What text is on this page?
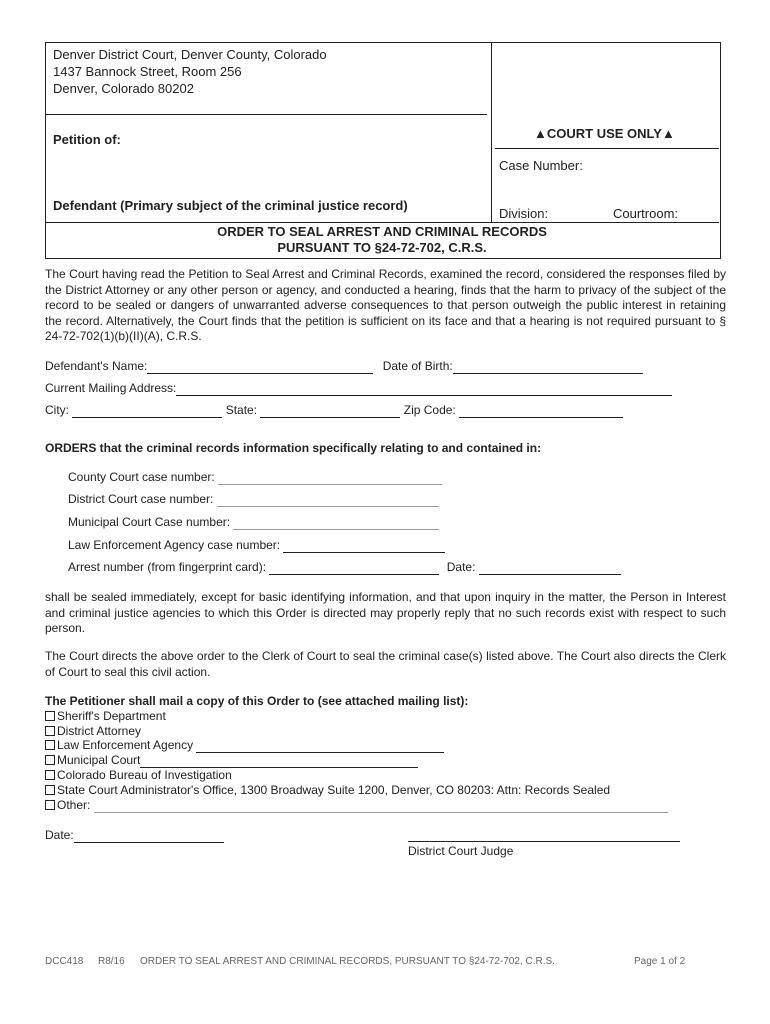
Denver District Court, Denver County, Colorado
1437 Bannock Street, Room 256
Denver, Colorado 80202
Petition of:
Defendant (Primary subject of the criminal justice record)
▲COURT USE ONLY▲
Case Number:
Division:	Courtroom:
ORDER TO SEAL ARREST AND CRIMINAL RECORDS
PURSUANT TO §24-72-702, C.R.S.

The Court having read the Petition to Seal Arrest and Criminal Records, examined the record, considered the responses filed by the District Attorney or any other person or agency, and conducted a hearing, finds that the harm to privacy of the subject of the record to be sealed or dangers of unwarranted adverse consequences to that person outweigh the public interest in retaining the record. Alternatively, the Court finds that the petition is sufficient on its face and that a hearing is not required pursuant to § 24-72-702(1)(b)(II)(A), C.R.S.

Defendant's Name:	Date of Birth:
Current Mailing Address:
City:	State:	Zip Code:
ORDERS that the criminal records information specifically relating to and contained in:
County Court case number:
District Court case number:
Municipal Court Case number:
Law Enforcement Agency case number:
Arrest number (from fingerprint card):	Date:

shall be sealed immediately, except for basic identifying information, and that upon inquiry in the matter, the Person in Interest and criminal justice agencies to which this Order is directed may properly reply that no such records exist with respect to such person.

The Court directs the above order to the Clerk of Court to seal the criminal case(s) listed above. The Court also directs the Clerk of Court to seal this civil action.

The Petitioner shall mail a copy of this Order to (see attached mailing list):
Sheriff's Department
District Attorney
Law Enforcement Agency
Municipal Court
Colorado Bureau of Investigation
State Court Administrator's Office, 1300 Broadway Suite 1200, Denver, CO 80203: Attn: Records Sealed
Other:
Date:
District Court Judge
DCC418 R8/16 ORDER TO SEAL ARREST AND CRIMINAL RECORDS, PURSUANT TO §24-72-702, C.R.S.	Page 1 of 2
